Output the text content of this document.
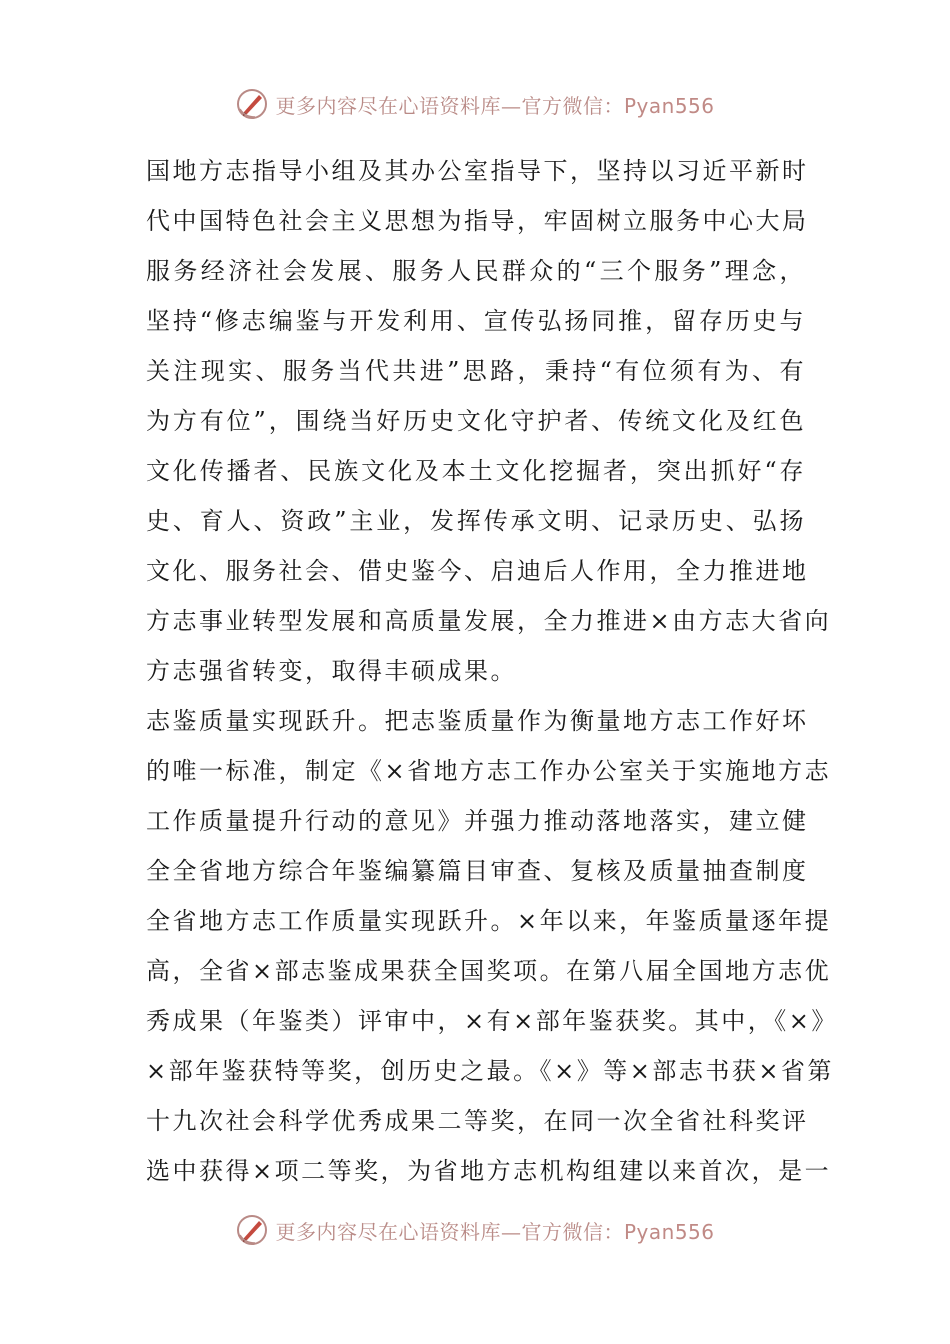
更多内容尽在心语资料库—官方微信：Pyan556
国地方志指导小组及其办公室指导下，坚持以习近平新时
代中国特色社会主义思想为指导，牢固树立服务中心大局
服务经济社会发展、服务人民群众的“三个服务”理念，
坚持“修志编鉴与开发利用、宣传弘扬同推，留存历史与
关注现实、服务当代共进”思路，秉持“有位须有为、有
为方有位”，围绕当好历史文化守护者、传统文化及红色
文化传播者、民族文化及本土文化挖掘者，突出抓好“存
史、育人、资政”主业，发挥传承文明、记录历史、弘扬
文化、服务社会、借史鉴今、启迪后人作用，全力推进地
方志事业转型发展和高质量发展，全力推进×由方志大省向
方志强省转变，取得丰硕成果。
志鉴质量实现跃升。把志鉴质量作为衡量地方志工作好坏
的唯一标准，制定《×省地方志工作办公室关于实施地方志
工作质量提升行动的意见》并强力推动落地落实，建立健
全全省地方综合年鉴编纂篇目审查、复核及质量抽查制度
全省地方志工作质量实现跃升。×年以来，年鉴质量逐年提
高，全省×部志鉴成果获全国奖项。在第八届全国地方志优
秀成果（年鉴类）评审中，×有×部年鉴获奖。其中，《×》
×部年鉴获特等奖，创历史之最。《×》等×部志书获×省第
十九次社会科学优秀成果二等奖，在同一次全省社科奖评
选中获得×项二等奖，为省地方志机构组建以来首次，是一
更多内容尽在心语资料库—官方微信：Pyan556
